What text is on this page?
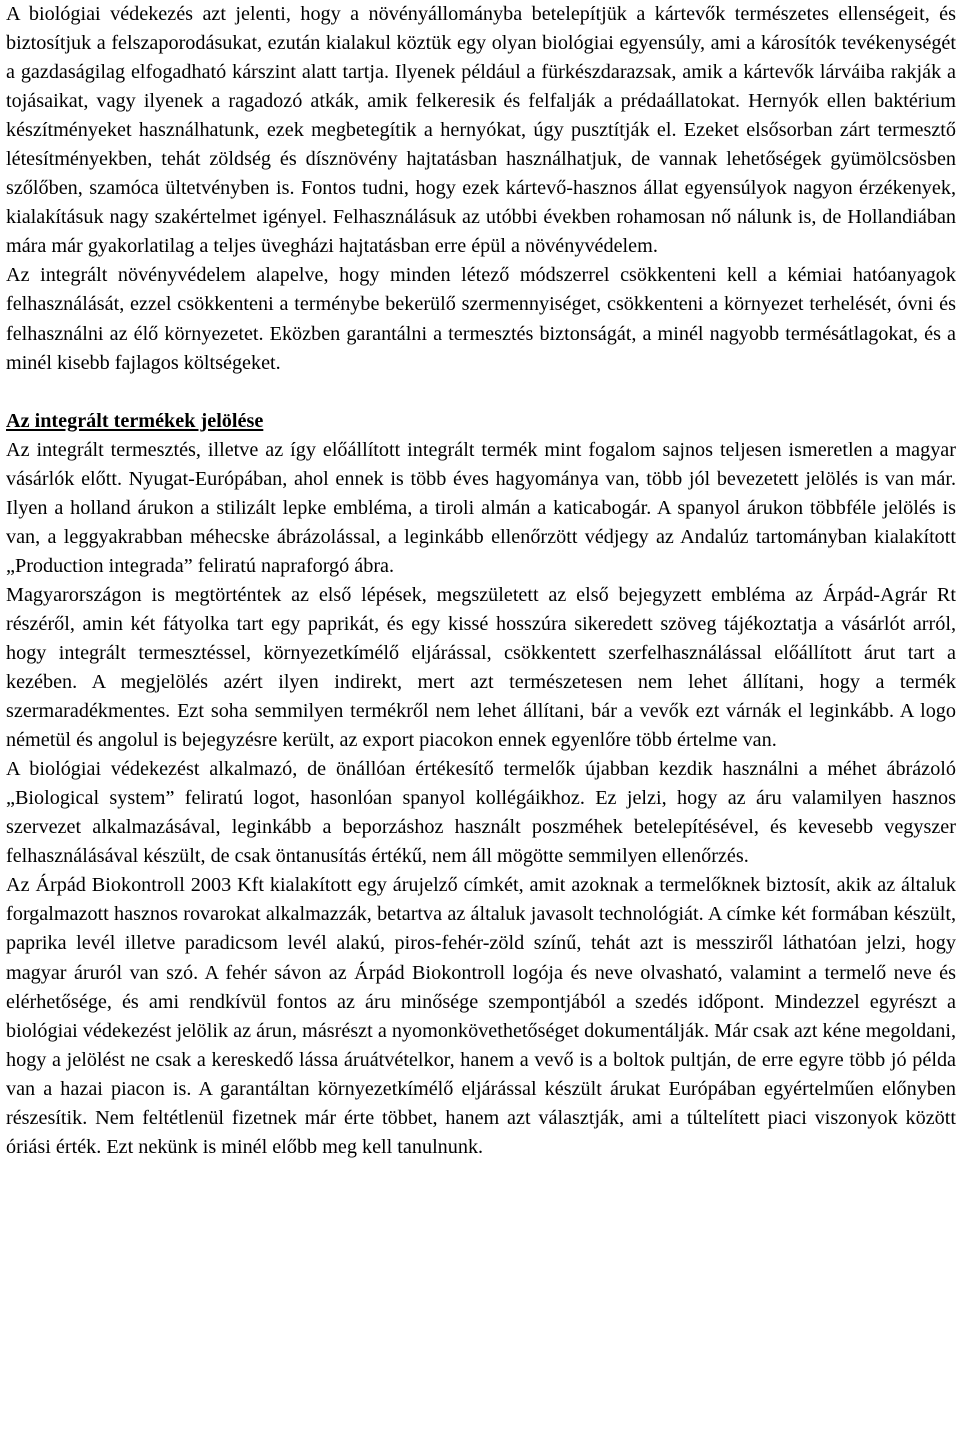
A biológiai védekezés azt jelenti, hogy a növényállományba betelepítjük a kártevők természetes ellenségeit, és biztosítjuk a felszaporodásukat, ezután kialakul köztük egy olyan biológiai egyensúly, ami a károsítók tevékenységét a gazdaságilag elfogadható kárszint alatt tartja. Ilyenek például a fürkészdarazsak, amik a kártevők lárváiba rakják a tojásaikat, vagy ilyenek a ragadozó atkák, amik felkeresik és felfalják a prédaállatokat. Hernyók ellen baktérium készítményeket használhatunk, ezek megbetegítik a hernyókat, úgy pusztítják el. Ezeket elsősorban zárt termesztő létesítményekben, tehát zöldség és dísznövény hajtatásban használhatjuk, de vannak lehetőségek gyümölcsösben szőlőben, szamóca ültetvényben is. Fontos tudni, hogy ezek kártevő-hasznos állat egyensúlyok nagyon érzékenyek, kialakításuk nagy szakértelmet igényel. Felhasználásuk az utóbbi években rohamosan nő nálunk is, de Hollandiában mára már gyakorlatilag a teljes üvegházi hajtatásban erre épül a növényvédelem.

Az integrált növényvédelem alapelve, hogy minden létező módszerrel csökkenteni kell a kémiai hatóanyagok felhasználását, ezzel csökkenteni a terménybe bekerülő szermennyiséget, csökkenteni a környezet terhelését, óvni és felhasználni az élő környezetet. Eközben garantálni a termesztés biztonságát, a minél nagyobb termésátlagokat, és a minél kisebb fajlagos költségeket.

Az integrált termékek jelölése

Az integrált termesztés, illetve az így előállított integrált termék mint fogalom sajnos teljesen ismeretlen a magyar vásárlók előtt. Nyugat-Európában, ahol ennek is több éves hagyománya van, több jól bevezetett jelölés is van már. Ilyen a holland árukon a stilizált lepke embléma, a tiroli almán a katicabogár. A spanyol árukon többféle jelölés is van, a leggyakrabban méhecske ábrázolással, a leginkább ellenőrzött védjegy az Andalúz tartományban kialakított „Production integrada” feliratú napraforgó ábra.

Magyarországon is megtörténtek az első lépések, megszületett az első bejegyzett embléma az Árpád-Agrár Rt részéről, amin két fátyolka tart egy paprikát, és egy kissé hosszúra sikeredett szöveg tájékoztatja a vásárlót arról, hogy integrált termesztéssel, környezetkímélő eljárással, csökkentett szerfelhasználással előállított árut tart a kezében. A megjelölés azért ilyen indirekt, mert azt természetesen nem lehet állítani, hogy a termék szermaradékmentes. Ezt soha semmilyen termékről nem lehet állítani, bár a vevők ezt várnák el leginkább. A logo németül és angolul is bejegyzésre került, az export piacokon ennek egyenlőre több értelme van.

A biológiai védekezést alkalmazó, de önállóan értékesítő termelők újabban kezdik használni a méhet ábrázoló „Biological system” feliratú logot, hasonlóan spanyol kollégáikhoz. Ez jelzi, hogy az áru valamilyen hasznos szervezet alkalmazásával, leginkább a beporzáshoz használt poszméhek betelepítésével, és kevesebb vegyszer felhasználásával készült, de csak öntanusítás értékű, nem áll mögötte semmilyen ellenőrzés.

Az Árpád Biokontroll 2003 Kft kialakított egy árujelző címkét, amit azoknak a termelőknek biztosít, akik az általuk forgalmazott hasznos rovarokat alkalmazzák, betartva az általuk javasolt technológiát. A címke két formában készült, paprika levél illetve paradicsom levél alakú, piros-fehér-zöld színű, tehát azt is messziről láthatóan jelzi, hogy magyar áruról van szó. A fehér sávon az Árpád Biokontroll logója és neve olvasható, valamint a termelő neve és elérhetősége, és ami rendkívül fontos az áru minősége szempontjából a szedés időpont. Mindezzel egyrészt a biológiai védekezést jelölik az árun, másrészt a nyomonkövethetőséget dokumentálják. Már csak azt kéne megoldani, hogy a jelölést ne csak a kereskedő lássa áruátvételkor, hanem a vevő is a boltok pultján, de erre egyre több jó példa van a hazai piacon is. A garantáltan környezetkímélő eljárással készült árukat Európában egyértelműen előnyben részesítik. Nem feltétlenül fizetnek már érte többet, hanem azt választják, ami a túltelített piaci viszonyok között óriási érték. Ezt nekünk is minél előbb meg kell tanulnunk.
